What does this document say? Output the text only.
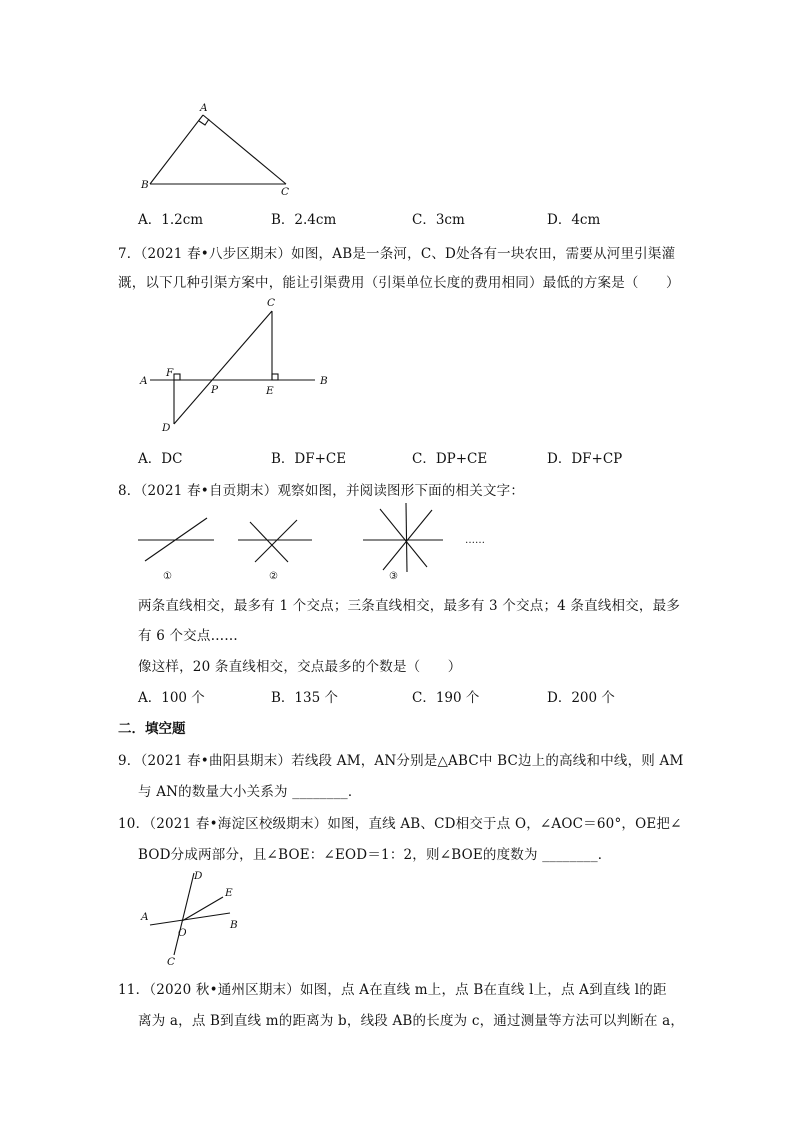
A
B
C
A．1.2cm	B．2.4cm	C．3cm	D．4cm
7．（2021 春•八步区期末）如图，AB是一条河，C、D处各有一块农田，需要从河里引渠灌
溉，以下几种引渠方案中，能让引渠费用（引渠单位长度的费用相同）最低的方案是（　　）
A	B
C
D
E
F
P
A．DC	B．DF+CE	C．DP+CE	D．DF+CP
8．（2021 春•自贡期末）观察如图，并阅读图形下面的相关文字：
①	②	③
……
两条直线相交，最多有 1 个交点；三条直线相交，最多有 3 个交点；4 条直线相交，最多
有 6 个交点……
像这样，20 条直线相交，交点最多的个数是（　　）
A．100 个	B．135 个	C．190 个	D．200 个
二．填空题
9．（2021 春•曲阳县期末）若线段 AM，AN分别是△ABC中 BC边上的高线和中线，则 AM
与 AN的数量大小关系为 ________．
10．（2021 春•海淀区校级期末）如图，直线 AB、CD相交于点 O，∠AOC＝60°，OE把∠
BOD分成两部分，且∠BOE：∠EOD＝1：2，则∠BOE的度数为 ________．
A
B
C
D
E
O
11．（2020 秋•通州区期末）如图，点 A在直线 m上，点 B在直线 l上，点 A到直线 l的距
离为 a，点 B到直线 m的距离为 b，线段 AB的长度为 c，通过测量等方法可以判断在 a，
